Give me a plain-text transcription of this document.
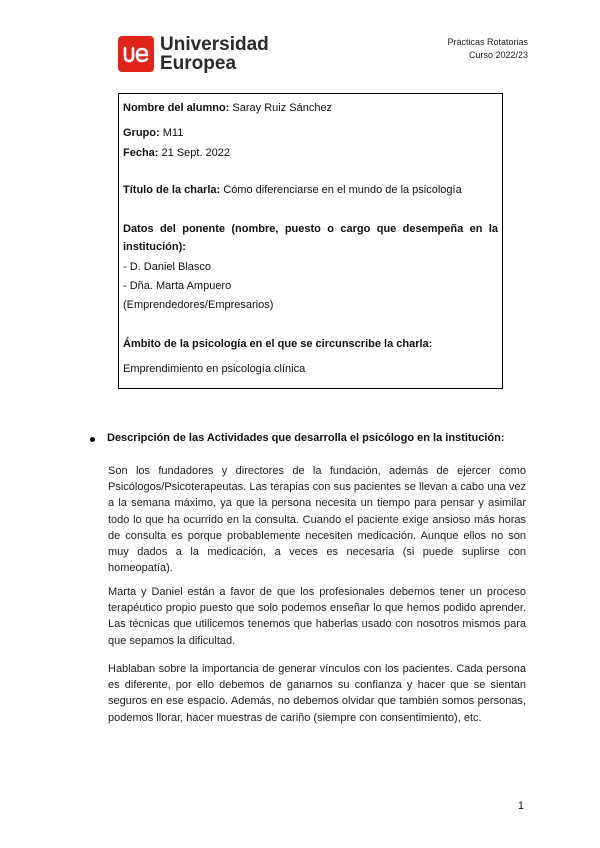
Universidad
Europea
Prácticas Rotatorias
Curso 2022/23
Nombre del alumno: Saray Ruiz Sánchez
Grupo: M11
Fecha: 21 Sept. 2022
Título de la charla: Cómo diferenciarse en el mundo de la psicología
Datos del ponente (nombre, puesto o cargo que desempeña en la
institución):
- D. Daniel Blasco
- Dña. Marta Ampuero
(Emprendedores/Empresarios)
Ámbito de la psicología en el que se circunscribe la charla:
Emprendimiento en psicología clínica
Descripción de las Actividades que desarrolla el psicólogo en la institución:
Son los fundadores y directores de la fundación, además de ejercer como Psicólogos/Psicoterapeutas. Las terapias con sus pacientes se llevan a cabo una vez a la semana máximo, ya que la persona necesita un tiempo para pensar y asimilar todo lo que ha ocurrido en la consulta. Cuando el paciente exige ansioso más horas de consulta es porque probablemente necesiten medicación. Aunque ellos no son muy dados a la medicación, a veces es necesaria (si puede suplirse con homeopatía).
Marta y Daniel están a favor de que los profesionales debemos tener un proceso terapéutico propio puesto que solo podemos enseñar lo que hemos podido aprender. Las técnicas que utilicemos tenemos que haberlas usado con nosotros mismos para que sepamos la dificultad.
Hablaban sobre la importancia de generar vínculos con los pacientes. Cada persona es diferente, por ello debemos de ganarnos su confianza y hacer que se sientan seguros en ese espacio. Además, no debemos olvidar que también somos personas, podemos llorar, hacer muestras de cariño (siempre con consentimiento), etc.
1
